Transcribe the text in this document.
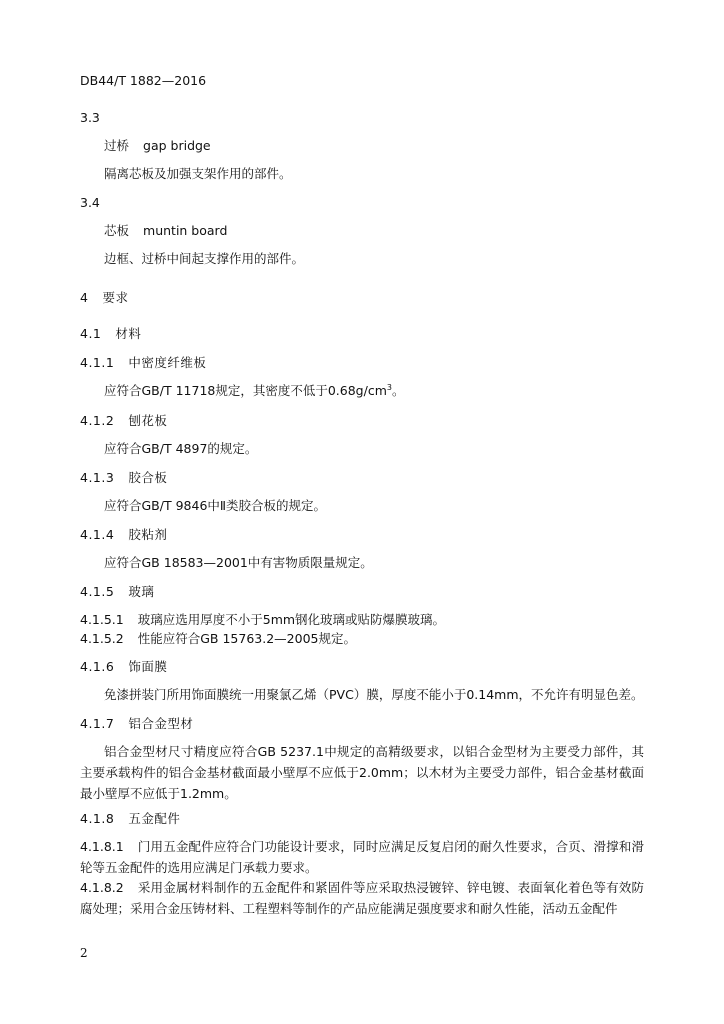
DB44/T 1882—2016
3.3
过桥 gap bridge
隔离芯板及加强支架作用的部件。
3.4
芯板 muntin board
边框、过桥中间起支撑作用的部件。
4 要求
4.1 材料
4.1.1 中密度纤维板
应符合GB/T 11718规定，其密度不低于$0.68g/cm^3$。
4.1.2 刨花板
应符合GB/T 4897的规定。
4.1.3 胶合板
应符合GB/T 9846中Ⅱ类胶合板的规定。
4.1.4 胶粘剂
应符合GB 18583—2001中有害物质限量规定。
4.1.5 玻璃
4.1.5.1 玻璃应选用厚度不小于5mm钢化玻璃或贴防爆膜玻璃。
4.1.5.2 性能应符合GB 15763.2—2005规定。
4.1.6 饰面膜
免漆拼装门所用饰面膜统一用聚氯乙烯（PVC）膜，厚度不能小于0.14mm，不允许有明显色差。
4.1.7 铝合金型材
铝合金型材尺寸精度应符合GB 5237.1中规定的高精级要求，以铝合金型材为主要受力部件，其主要承载构件的铝合金基材截面最小壁厚不应低于2.0mm；以木材为主要受力部件，铝合金基材截面最小壁厚不应低于1.2mm。
4.1.8 五金配件
4.1.8.1 门用五金配件应符合门功能设计要求，同时应满足反复启闭的耐久性要求，合页、滑撑和滑轮等五金配件的选用应满足门承载力要求。
4.1.8.2 采用金属材料制作的五金配件和紧固件等应采取热浸镀锌、锌电镀、表面氧化着色等有效防腐处理；采用合金压铸材料、工程塑料等制作的产品应能满足强度要求和耐久性能，活动五金配件
2
